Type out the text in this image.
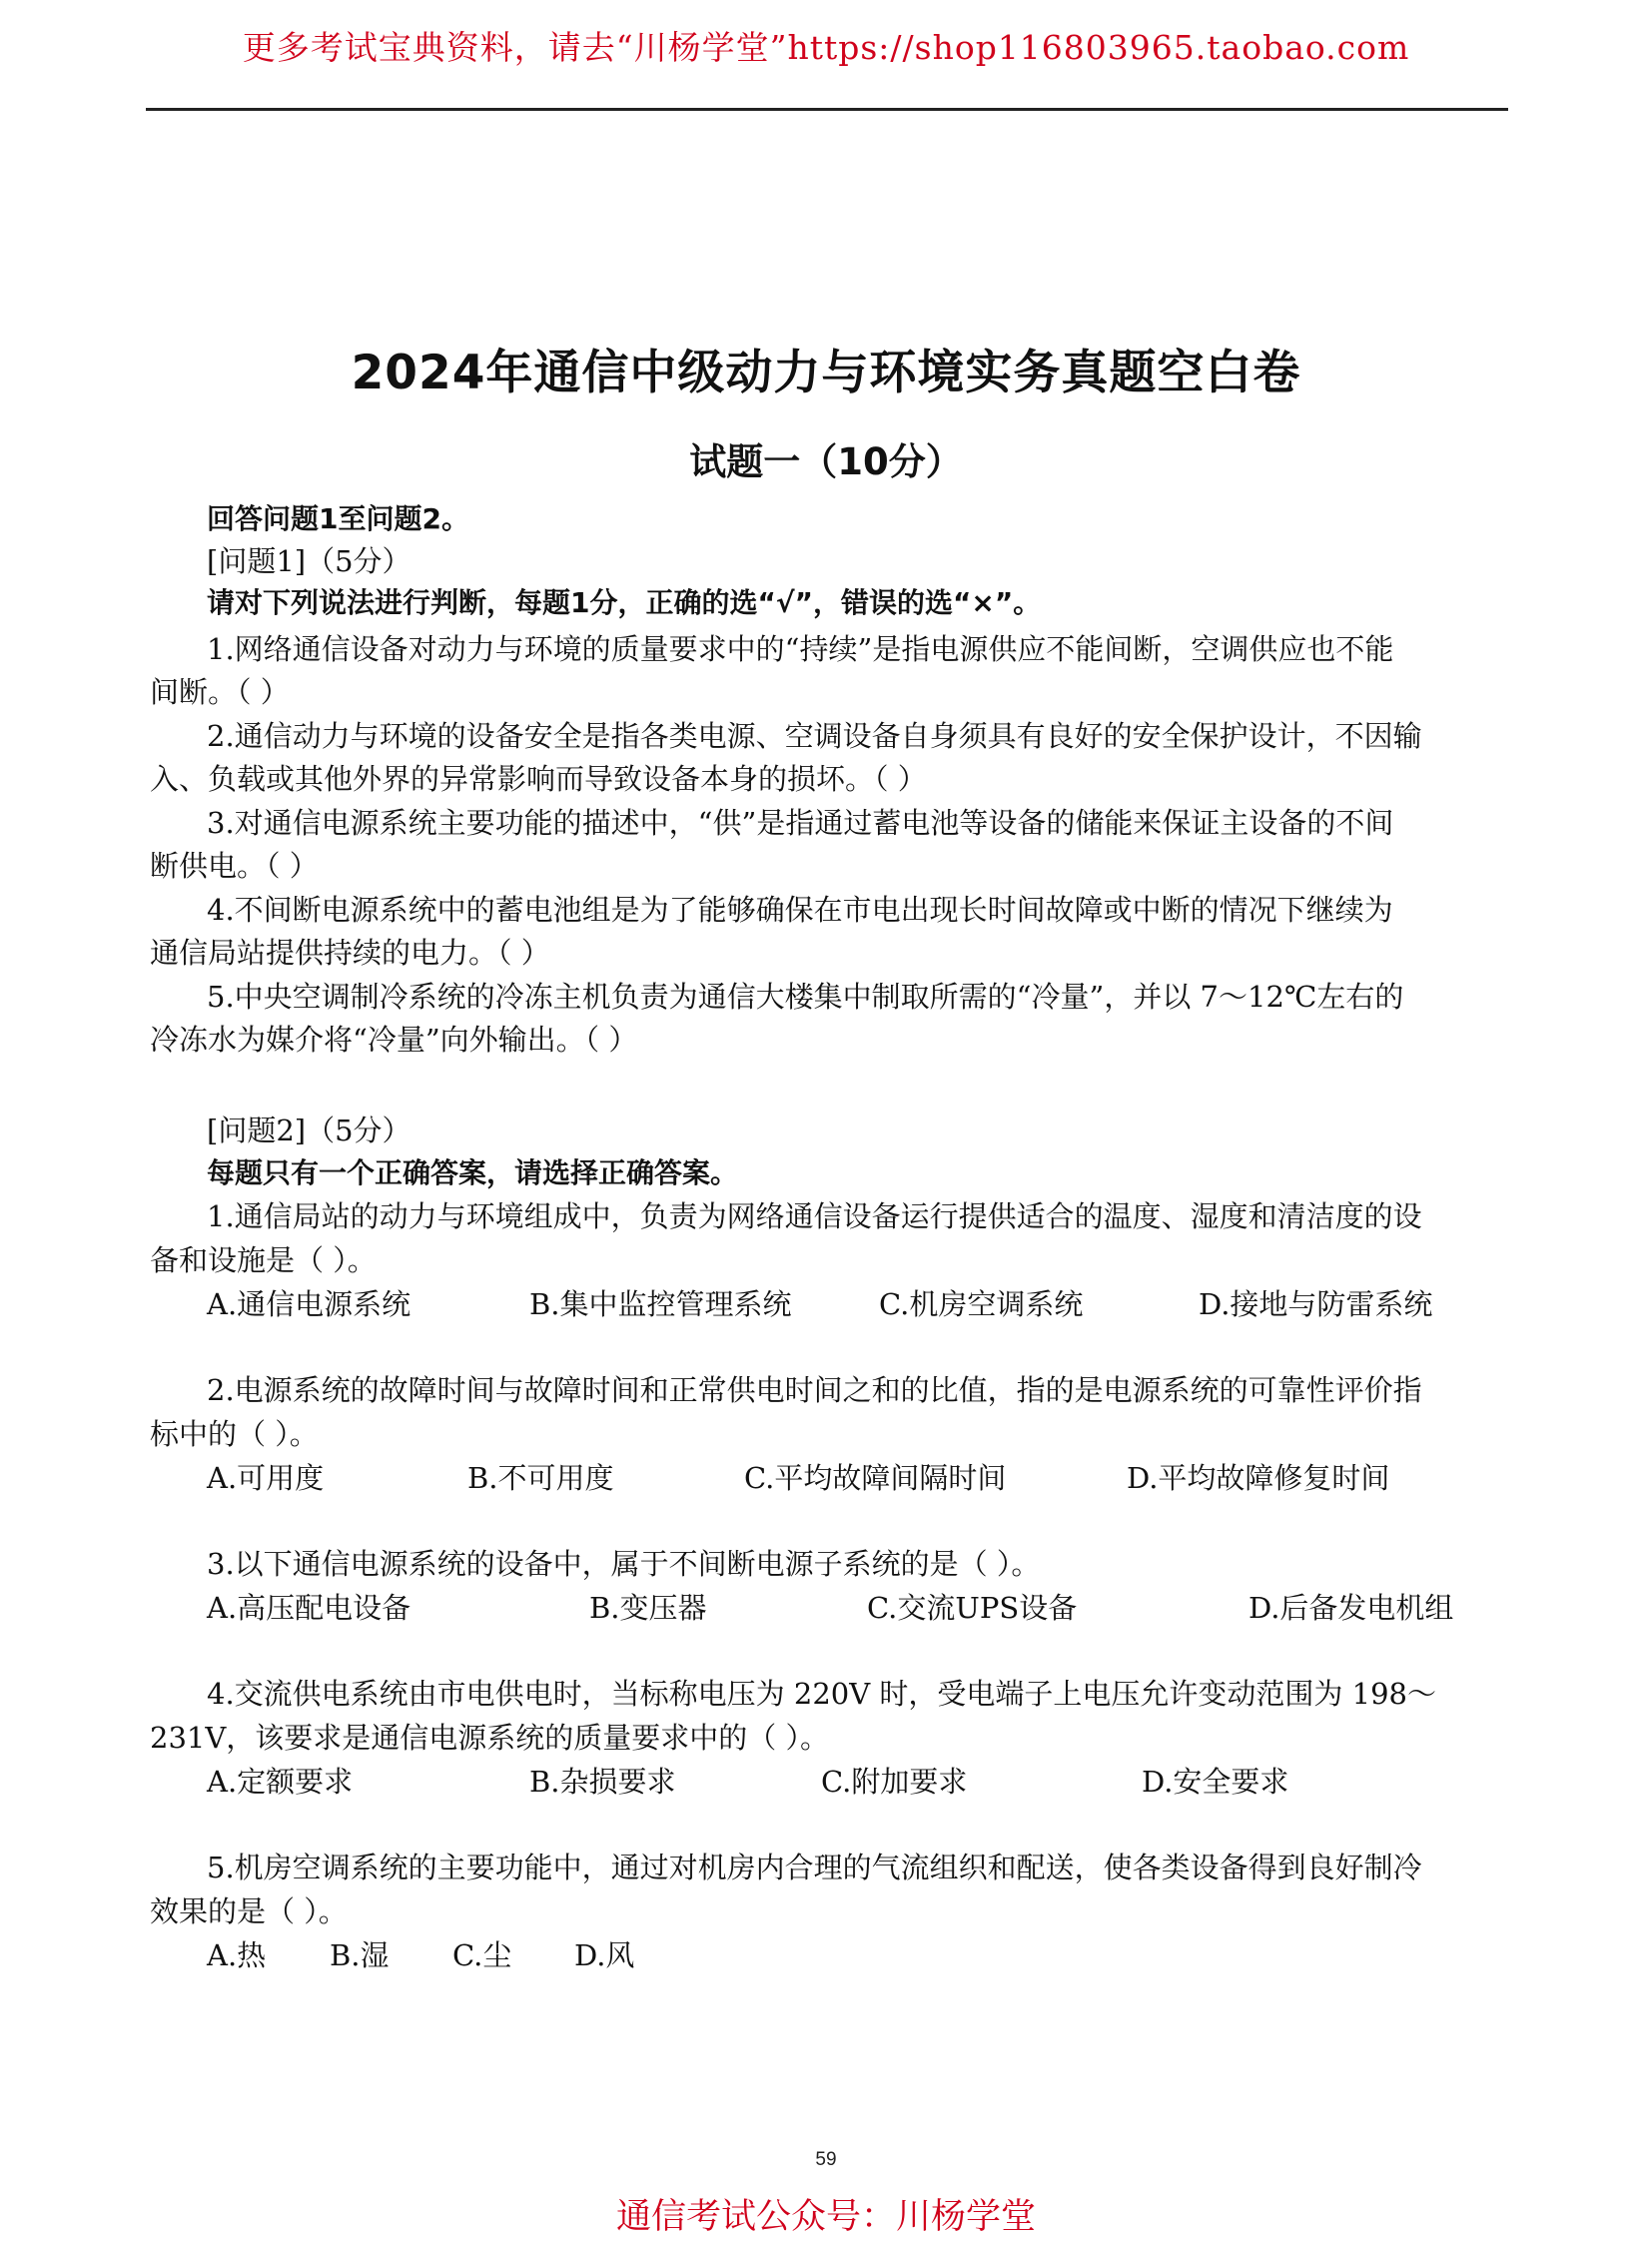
更多考试宝典资料，请去“川杨学堂”https://shop116803965.taobao.com
2024年通信中级动力与环境实务真题空白卷
试题一（10分）
回答问题1至问题2。
[问题1]（5分）
请对下列说法进行判断，每题1分，正确的选“√”，错误的选“×”。
1.网络通信设备对动力与环境的质量要求中的“持续”是指电源供应不能间断，空调供应也不能
间断。（ ）
2.通信动力与环境的设备安全是指各类电源、空调设备自身须具有良好的安全保护设计，不因输
入、负载或其他外界的异常影响而导致设备本身的损坏。（ ）
3.对通信电源系统主要功能的描述中，“供”是指通过蓄电池等设备的储能来保证主设备的不间
断供电。（ ）
4.不间断电源系统中的蓄电池组是为了能够确保在市电出现长时间故障或中断的情况下继续为
通信局站提供持续的电力。（ ）
5.中央空调制冷系统的冷冻主机负责为通信大楼集中制取所需的“冷量”，并以 7～12℃左右的
冷冻水为媒介将“冷量”向外输出。（ ）
[问题2]（5分）
每题只有一个正确答案，请选择正确答案。
1.通信局站的动力与环境组成中，负责为网络通信设备运行提供适合的温度、湿度和清洁度的设
备和设施是（ ）。
A.通信电源系统	B.集中监控管理系统	C.机房空调系统	D.接地与防雷系统
2.电源系统的故障时间与故障时间和正常供电时间之和的比值，指的是电源系统的可靠性评价指
标中的（ ）。
A.可用度	B.不可用度	C.平均故障间隔时间	D.平均故障修复时间
3.以下通信电源系统的设备中，属于不间断电源子系统的是（ ）。
A.高压配电设备	B.变压器	C.交流UPS设备	D.后备发电机组
4.交流供电系统由市电供电时，当标称电压为 220V 时，受电端子上电压允许变动范围为 198～
231V，该要求是通信电源系统的质量要求中的（ ）。
A.定额要求	B.杂损要求	C.附加要求	D.安全要求
5.机房空调系统的主要功能中，通过对机房内合理的气流组织和配送，使各类设备得到良好制冷
效果的是（ ）。
A.热 B.湿 C.尘 D.风
59
通信考试公众号：川杨学堂
